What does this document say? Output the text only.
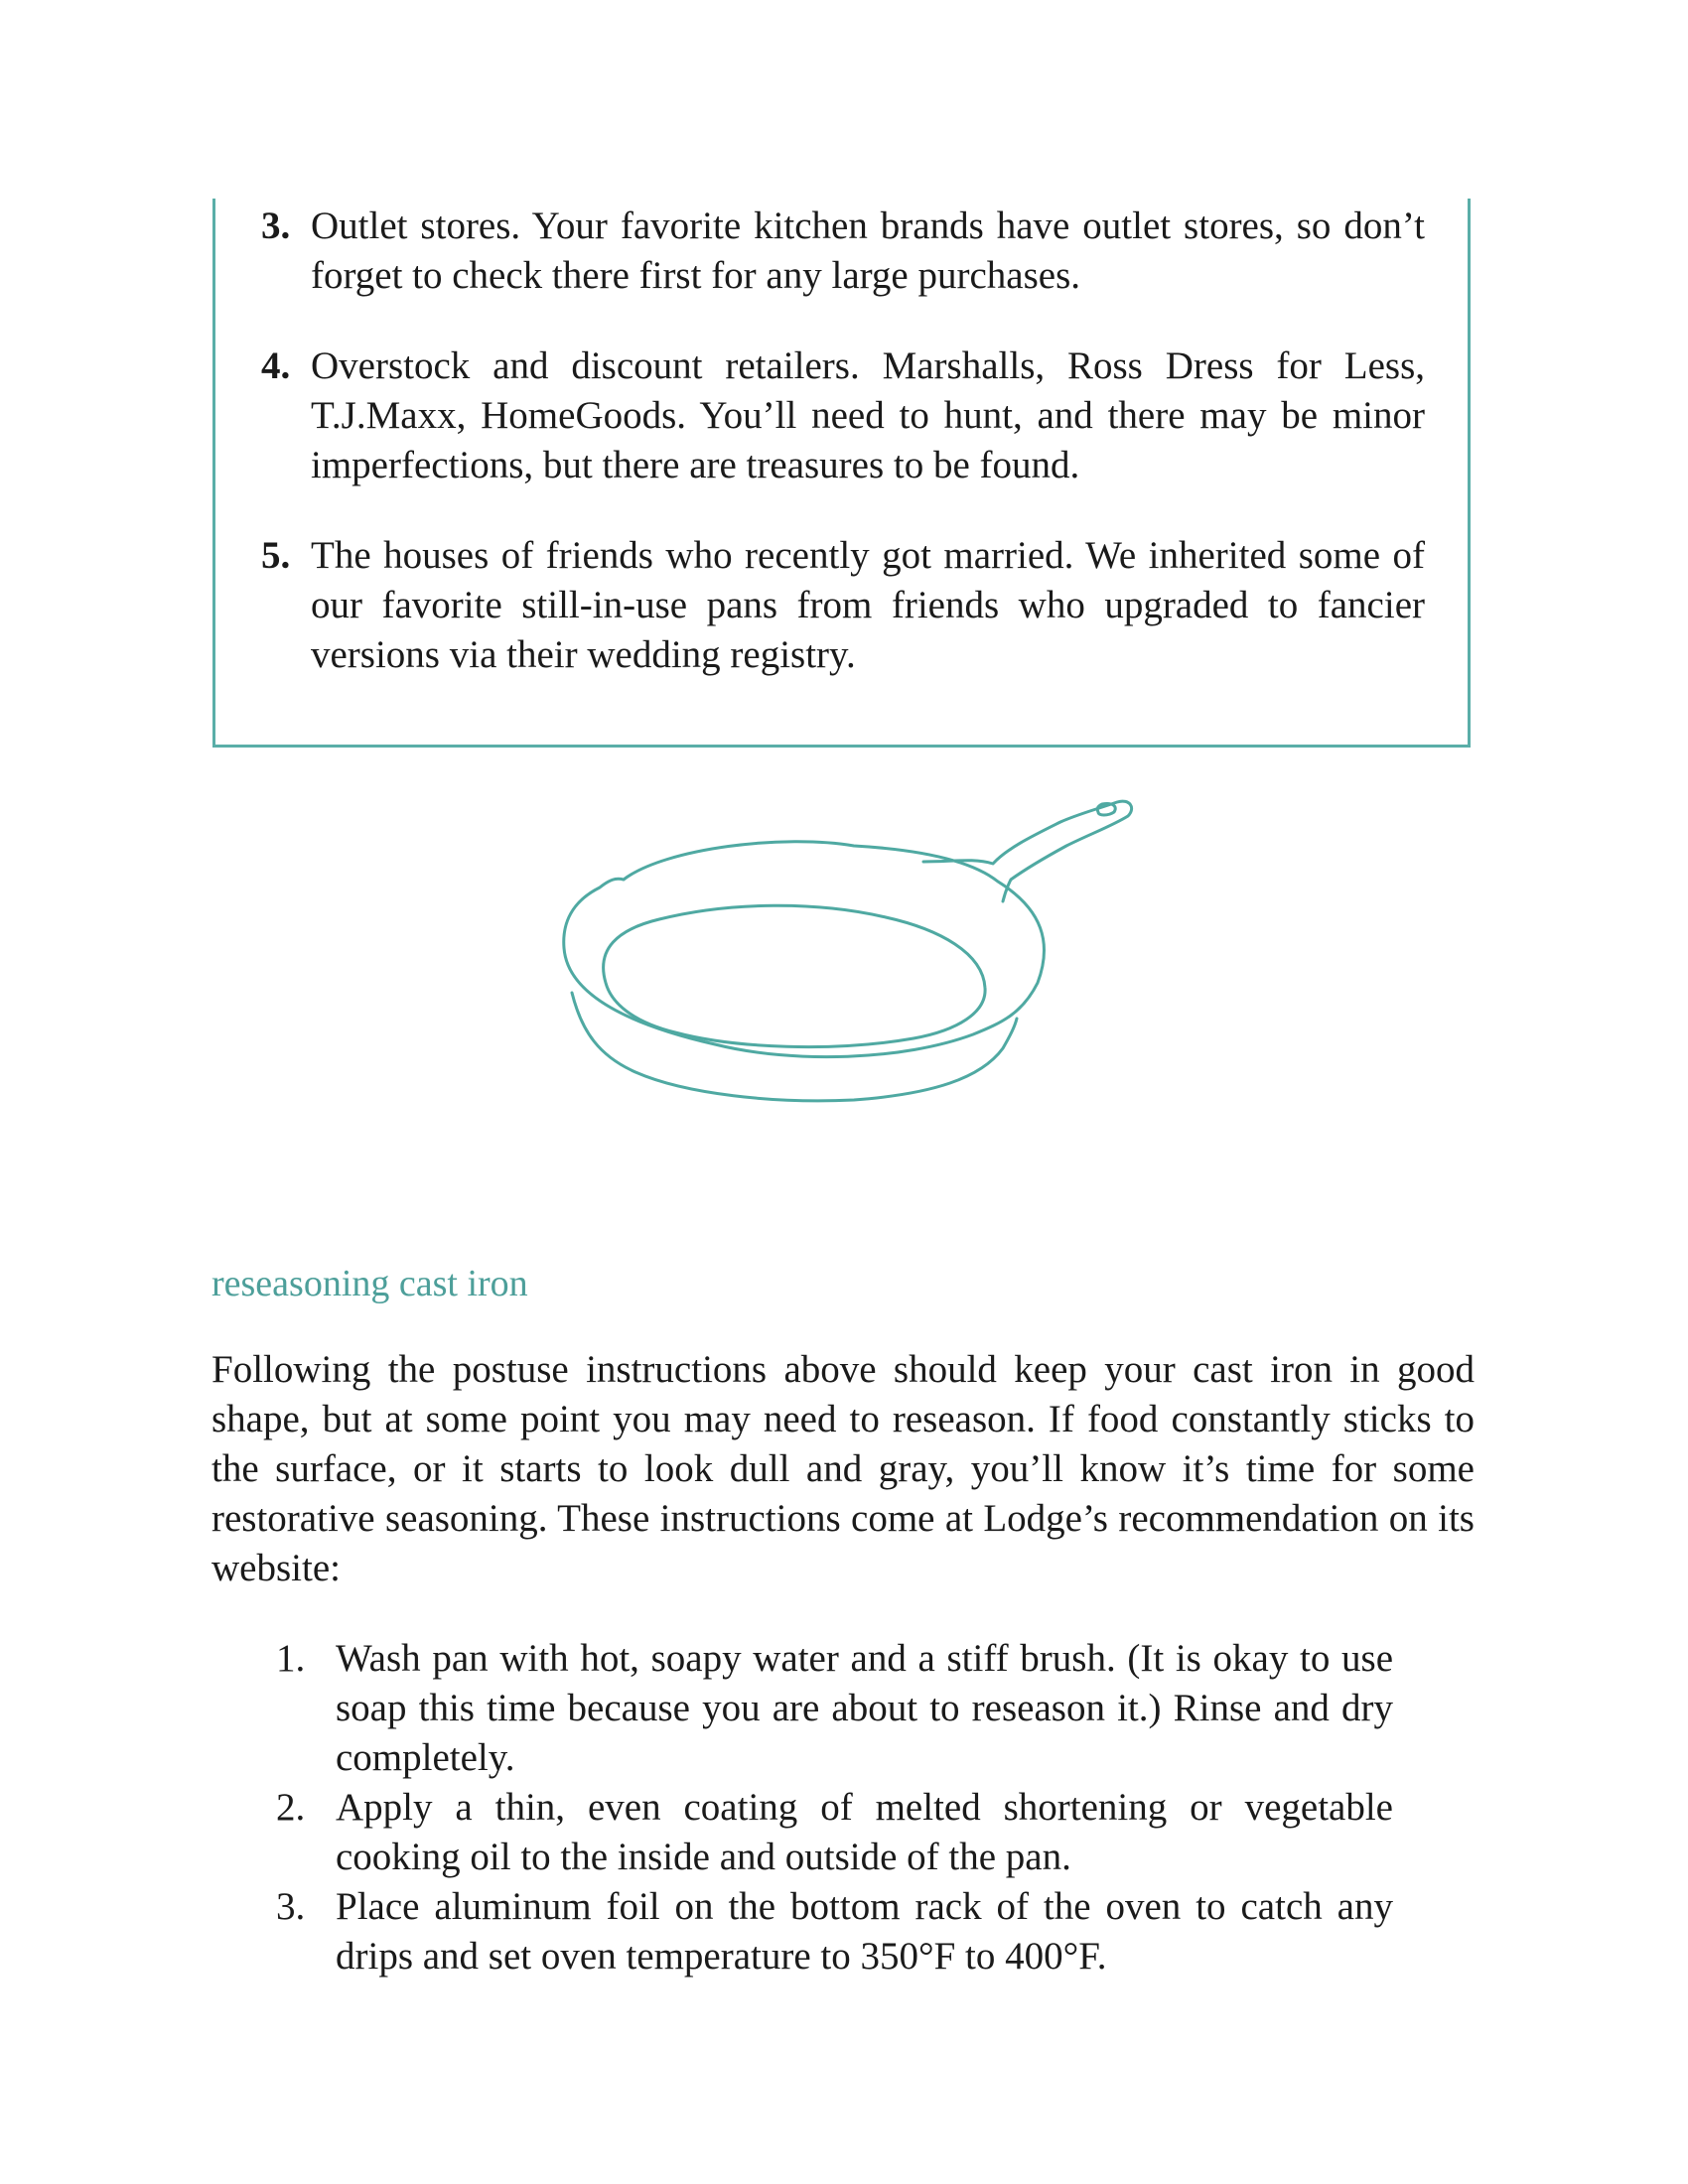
3. Outlet stores. Your favorite kitchen brands have outlet stores, so don’t forget to check there first for any large purchases.
4. Overstock and discount retailers. Marshalls, Ross Dress for Less, T.J.Maxx, HomeGoods. You’ll need to hunt, and there may be minor imperfections, but there are treasures to be found.
5. The houses of friends who recently got married. We inherited some of our favorite still-in-use pans from friends who upgraded to fancier versions via their wedding registry.
reseasoning cast iron
Following the postuse instructions above should keep your cast iron in good shape, but at some point you may need to reseason. If food constantly sticks to the surface, or it starts to look dull and gray, you’ll know it’s time for some restorative seasoning. These instructions come at Lodge’s recommendation on its website:
1. Wash pan with hot, soapy water and a stiff brush. (It is okay to use soap this time because you are about to reseason it.) Rinse and dry completely.
2. Apply a thin, even coating of melted shortening or vegetable cooking oil to the inside and outside of the pan.
3. Place aluminum foil on the bottom rack of the oven to catch any drips and set oven temperature to 350°F to 400°F.
